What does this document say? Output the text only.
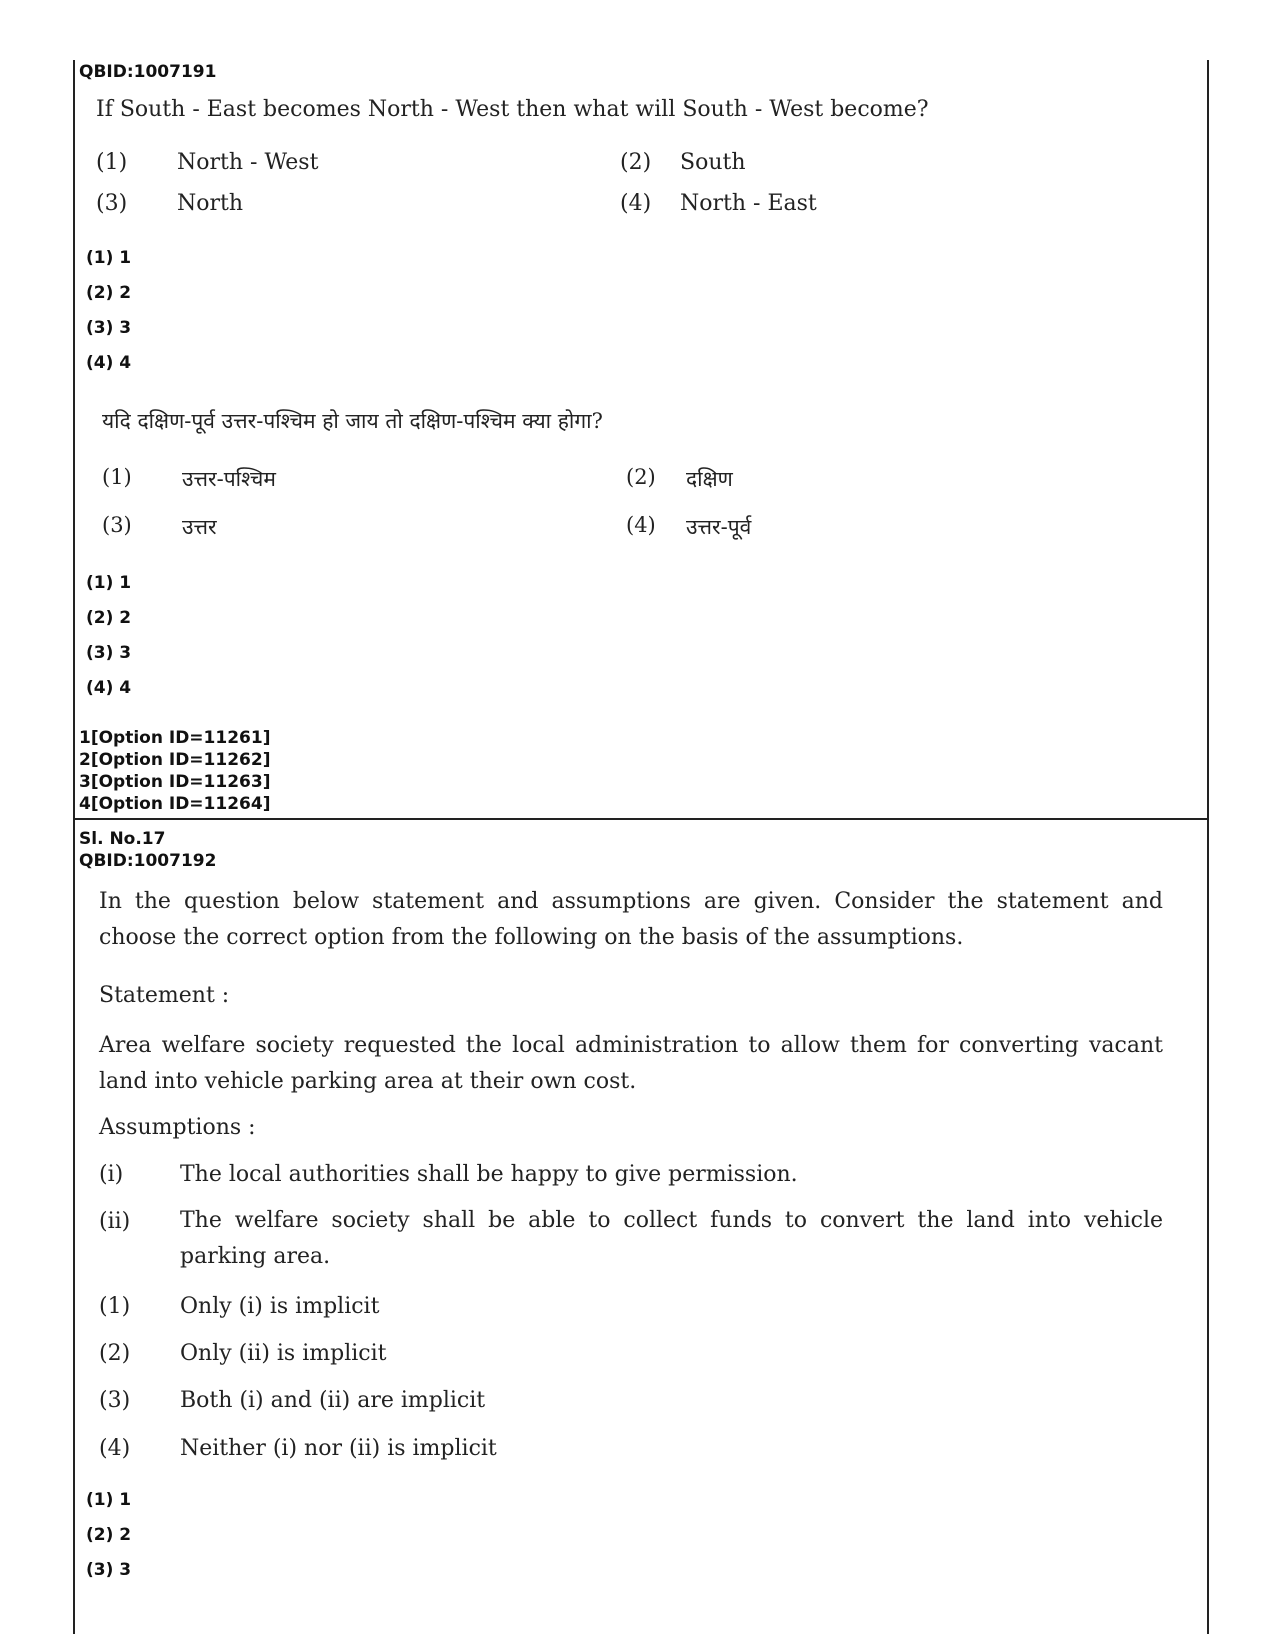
QBID:1007191
If South - East becomes North - West then what will South - West become?
(1) North - West	(2) South
(3) North	(4) North - East
(1) 1
(2) 2
(3) 3
(4) 4
यदि दक्षिण-पूर्व उत्तर-पश्चिम हो जाय तो दक्षिण-पश्चिम क्या होगा?
(1) उत्तर-पश्चिम	(2) दक्षिण
(3) उत्तर	(4) उत्तर-पूर्व
(1) 1
(2) 2
(3) 3
(4) 4
1[Option ID=11261]
2[Option ID=11262]
3[Option ID=11263]
4[Option ID=11264]
Sl. No.17
QBID:1007192
In the question below statement and assumptions are given. Consider the statement and choose the correct option from the following on the basis of the assumptions.
Statement :
Area welfare society requested the local administration to allow them for converting vacant land into vehicle parking area at their own cost.
Assumptions :
(i)	The local authorities shall be happy to give permission.
(ii) The welfare society shall be able to collect funds to convert the land into vehicle parking area.
(1) Only (i) is implicit
(2) Only (ii) is implicit
(3) Both (i) and (ii) are implicit
(4) Neither (i) nor (ii) is implicit
(1) 1
(2) 2
(3) 3
